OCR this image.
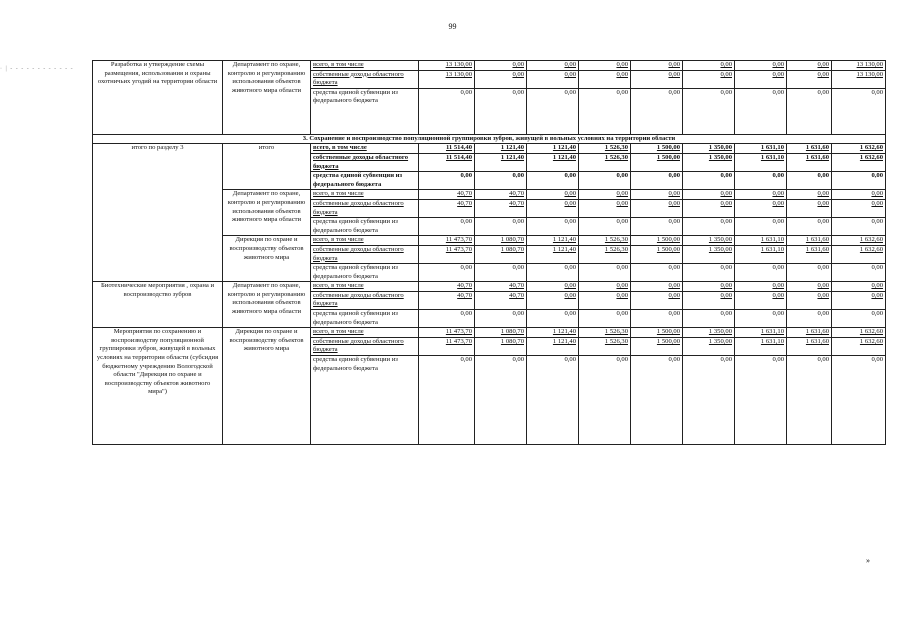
99
· | - - - - - - - - - - - -
Разработка и утверждение схемы размещения, использования и охраны охотничьих угодий на территории области	Департамент по охране, контролю и регулированию использования объектов животного мира области	всего, в том числе	13 130,00	0,00	0,00	0,00	0,00	0,00	0,00	0,00	13 130,00
		собственные доходы областного бюджета	13 130,00	0,00	0,00	0,00	0,00	0,00	0,00	0,00	13 130,00
		средства единой субвенции из федерального бюджета	0,00	0,00	0,00	0,00	0,00	0,00	0,00	0,00	0,00
3. Сохранение и воспроизводство популяционной группировки зубров, живущей в вольных условиях на территории области											
итого по разделу 3	итого	всего, в том числе	11 514,40	1 121,40	1 121,40	1 526,30	1 500,00	1 350,00	1 631,10	1 631,60	1 632,60
		собственные доходы областного бюджета	11 514,40	1 121,40	1 121,40	1 526,30	1 500,00	1 350,00	1 631,10	1 631,60	1 632,60
		средства единой субвенции из федерального бюджета	0,00	0,00	0,00	0,00	0,00	0,00	0,00	0,00	0,00
	Департамент по охране, контролю и регулированию использования объектов животного мира области	всего, в том числе	40,70	40,70	0,00	0,00	0,00	0,00	0,00	0,00	0,00
		собственные доходы областного бюджета	40,70	40,70	0,00	0,00	0,00	0,00	0,00	0,00	0,00
		средства единой субвенции из федерального бюджета	0,00	0,00	0,00	0,00	0,00	0,00	0,00	0,00	0,00
	Дирекция по охране и воспроизводству объектов животного мира	всего, в том числе	11 473,70	1 080,70	1 121,40	1 526,30	1 500,00	1 350,00	1 631,10	1 631,60	1 632,60
		собственные доходы областного бюджета	11 473,70	1 080,70	1 121,40	1 526,30	1 500,00	1 350,00	1 631,10	1 631,60	1 632,60
		средства единой субвенции из федерального бюджета	0,00	0,00	0,00	0,00	0,00	0,00	0,00	0,00	0,00
Биотехнические мероприятия , охрана и воспроизводство зубров	Департамент по охране, контролю и регулированию использования объектов животного мира области	всего, в том числе	40,70	40,70	0,00	0,00	0,00	0,00	0,00	0,00	0,00
		собственные доходы областного бюджета	40,70	40,70	0,00	0,00	0,00	0,00	0,00	0,00	0,00
		средства единой субвенции из федерального бюджета	0,00	0,00	0,00	0,00	0,00	0,00	0,00	0,00	0,00
Мероприятия по сохранению и воспроизводству популяционной группировки зубров, живущей в вольных условиях на территории области (субсидия бюджетному учреждению Вологодской области "Дирекция по охране и воспроизводству объектов животного мира")	Дирекция по охране и воспроизводству объектов животного мира	всего, в том числе	11 473,70	1 080,70	1 121,40	1 526,30	1 500,00	1 350,00	1 631,10	1 631,60	1 632,60
		собственные доходы областного бюджета	11 473,70	1 080,70	1 121,40	1 526,30	1 500,00	1 350,00	1 631,10	1 631,60	1 632,60
		средства единой субвенции из федерального бюджета	0,00	0,00	0,00	0,00	0,00	0,00	0,00	0,00	0,00
»
